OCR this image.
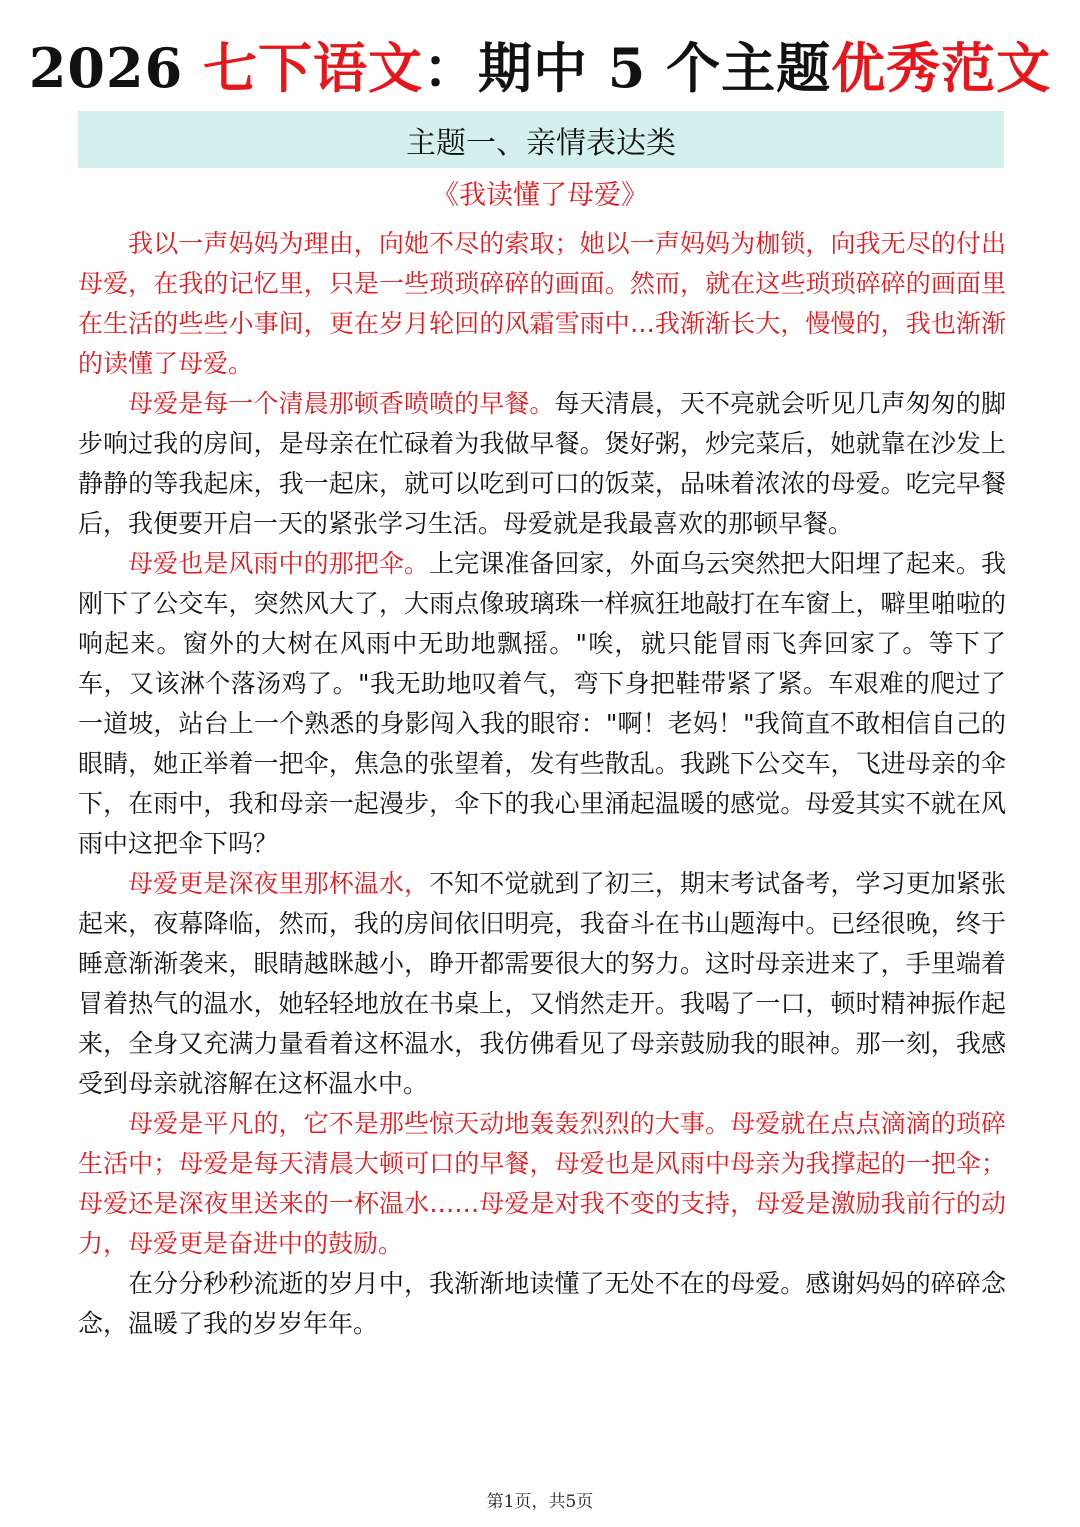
2026 七下语文：期中 5 个主题优秀范文
主题一、亲情表达类
《我读懂了母爱》

我以一声妈妈为理由，向她不尽的索取；她以一声妈妈为枷锁，向我无尽的付出母爱，在我的记忆里，只是一些琐琐碎碎的画面。然而，就在这些琐琐碎碎的画面里在生活的些些小事间，更在岁月轮回的风霜雪雨中…我渐渐长大，慢慢的，我也渐渐的读懂了母爱。

母爱是每一个清晨那顿香喷喷的早餐。每天清晨，天不亮就会听见几声匆匆的脚步响过我的房间，是母亲在忙碌着为我做早餐。煲好粥，炒完菜后，她就靠在沙发上静静的等我起床，我一起床，就可以吃到可口的饭菜，品味着浓浓的母爱。吃完早餐后，我便要开启一天的紧张学习生活。母爱就是我最喜欢的那顿早餐。

母爱也是风雨中的那把伞。上完课准备回家，外面乌云突然把大阳埋了起来。我刚下了公交车，突然风大了，大雨点像玻璃珠一样疯狂地敲打在车窗上，噼里啪啦的响起来。窗外的大树在风雨中无助地飘摇。"唉，就只能冒雨飞奔回家了。等下了车，又该淋个落汤鸡了。"我无助地叹着气，弯下身把鞋带紧了紧。车艰难的爬过了一道坡，站台上一个熟悉的身影闯入我的眼帘："啊！老妈！"我简直不敢相信自己的眼睛，她正举着一把伞，焦急的张望着，发有些散乱。我跳下公交车，飞进母亲的伞下，在雨中，我和母亲一起漫步，伞下的我心里涌起温暖的感觉。母爱其实不就在风雨中这把伞下吗？

母爱更是深夜里那杯温水，不知不觉就到了初三，期末考试备考，学习更加紧张起来，夜幕降临，然而，我的房间依旧明亮，我奋斗在书山题海中。已经很晚，终于睡意渐渐袭来，眼睛越眯越小，睁开都需要很大的努力。这时母亲进来了，手里端着冒着热气的温水，她轻轻地放在书桌上，又悄然走开。我喝了一口，顿时精神振作起来，全身又充满力量看着这杯温水，我仿佛看见了母亲鼓励我的眼神。那一刻，我感受到母亲就溶解在这杯温水中。

母爱是平凡的，它不是那些惊天动地轰轰烈烈的大事。母爱就在点点滴滴的琐碎生活中；母爱是每天清晨大顿可口的早餐，母爱也是风雨中母亲为我撑起的一把伞；母爱还是深夜里送来的一杯温水……母爱是对我不变的支持，母爱是激励我前行的动力，母爱更是奋进中的鼓励。

在分分秒秒流逝的岁月中，我渐渐地读懂了无处不在的母爱。感谢妈妈的碎碎念念，温暖了我的岁岁年年。

第1页，共5页
